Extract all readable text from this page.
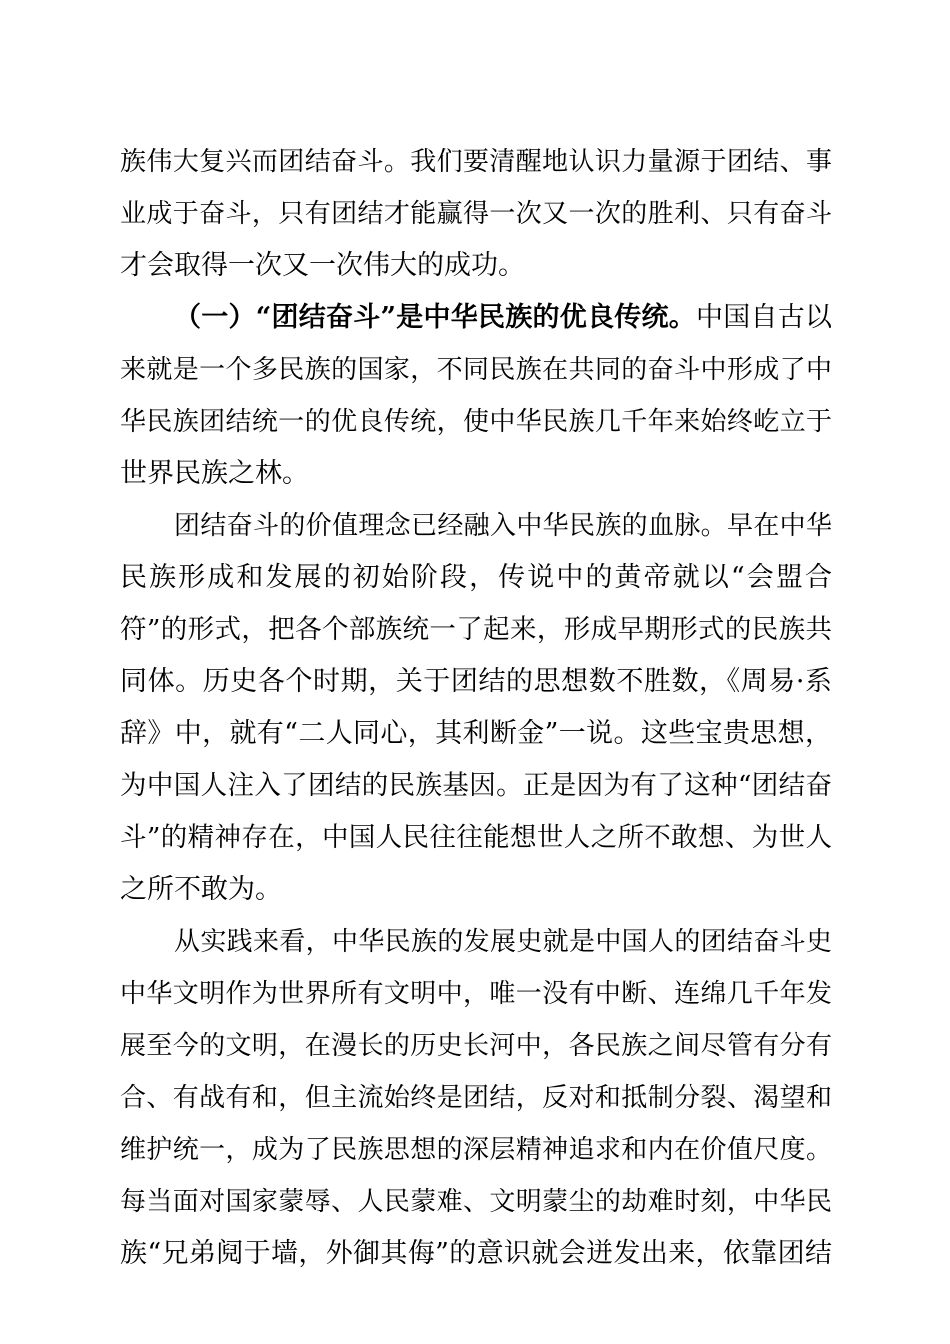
族伟大复兴而团结奋斗。我们要清醒地认识力量源于团结、事
业成于奋斗，只有团结才能赢得一次又一次的胜利、只有奋斗
才会取得一次又一次伟大的成功。
（一）“团结奋斗”是中华民族的优良传统。中国自古以
来就是一个多民族的国家，不同民族在共同的奋斗中形成了中
华民族团结统一的优良传统，使中华民族几千年来始终屹立于
世界民族之林。
团结奋斗的价值理念已经融入中华民族的血脉。早在中华
民族形成和发展的初始阶段，传说中的黄帝就以“会盟合
符”的形式，把各个部族统一了起来，形成早期形式的民族共
同体。历史各个时期，关于团结的思想数不胜数，《周易·系
辞》中，就有“二人同心，其利断金”一说。这些宝贵思想，
为中国人注入了团结的民族基因。正是因为有了这种“团结奋
斗”的精神存在，中国人民往往能想世人之所不敢想、为世人
之所不敢为。
从实践来看，中华民族的发展史就是中国人的团结奋斗史
中华文明作为世界所有文明中，唯一没有中断、连绵几千年发
展至今的文明，在漫长的历史长河中，各民族之间尽管有分有
合、有战有和，但主流始终是团结，反对和抵制分裂、渴望和
维护统一，成为了民族思想的深层精神追求和内在价值尺度。
每当面对国家蒙辱、人民蒙难、文明蒙尘的劫难时刻，中华民
族“兄弟阋于墙，外御其侮”的意识就会迸发出来，依靠团结
